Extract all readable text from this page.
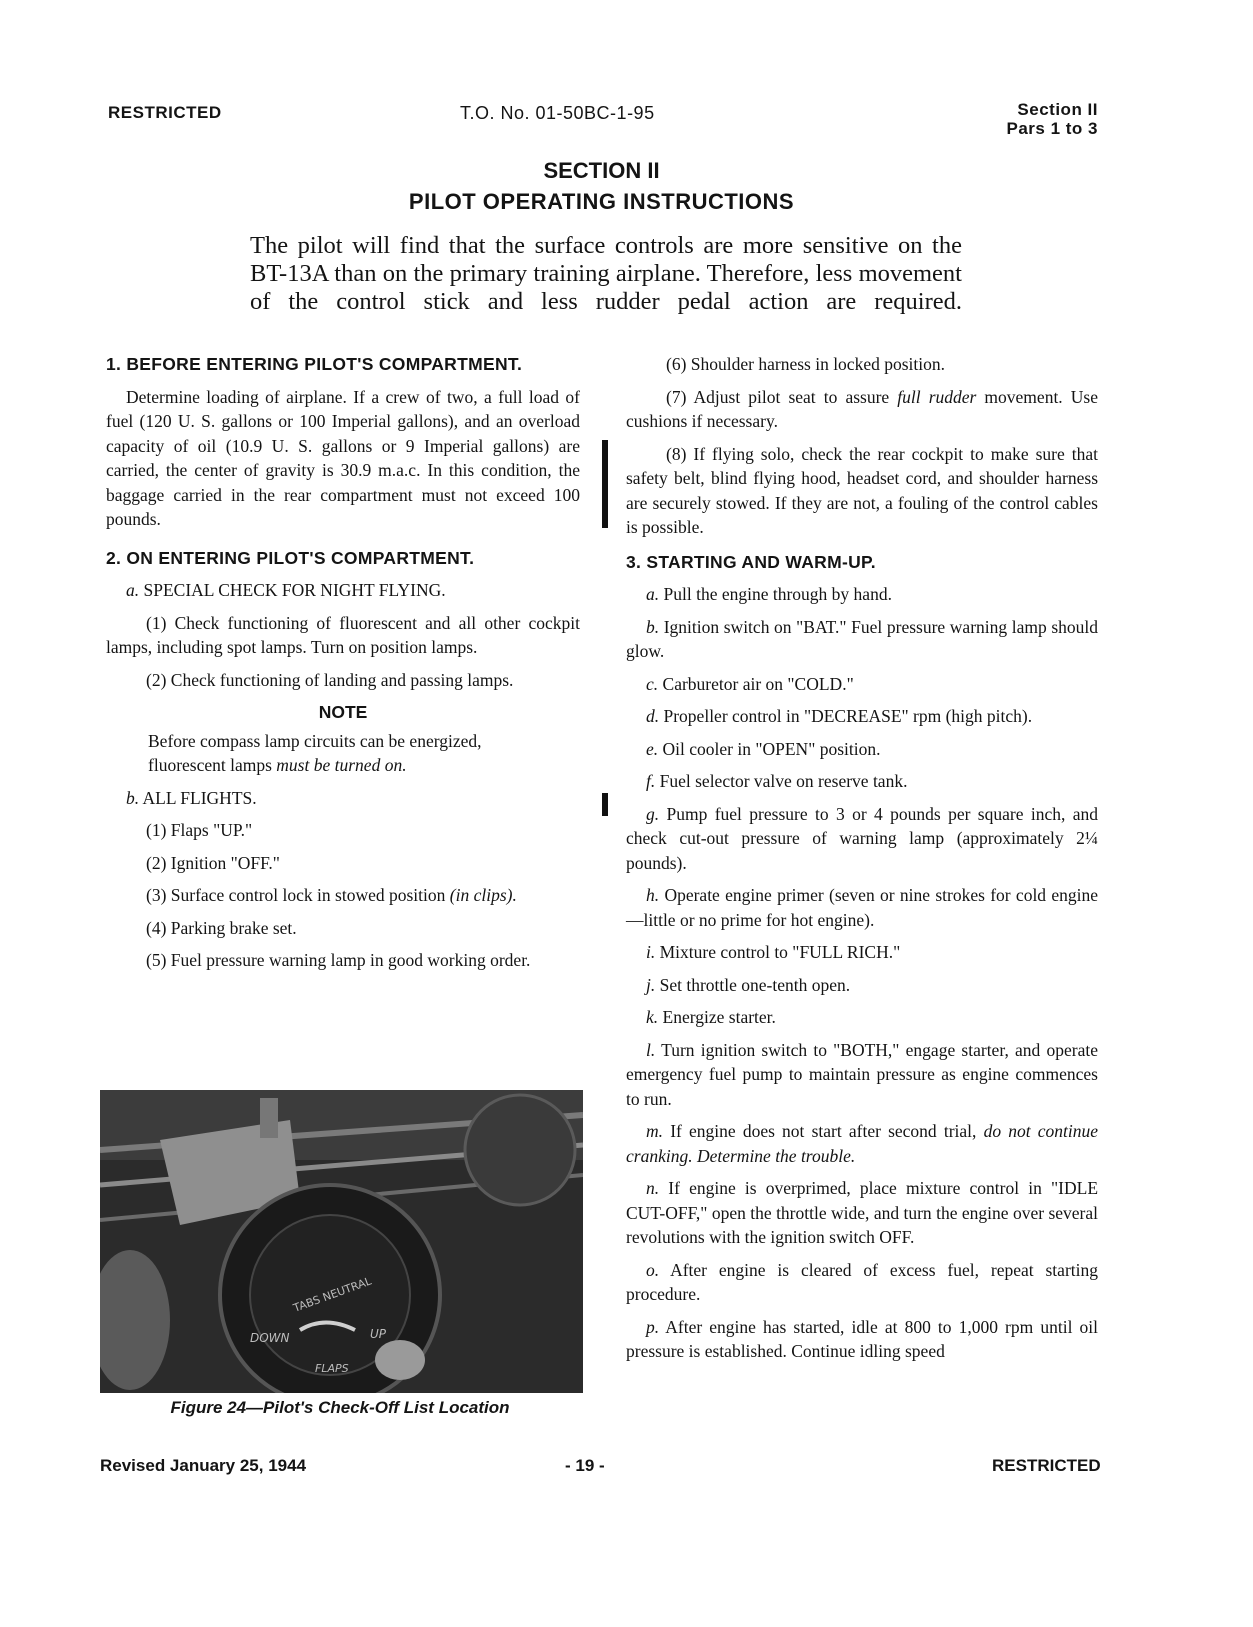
RESTRICTED	T.O. No. 01-50BC-1-95	Section II
Pars 1 to 3
SECTION II
PILOT OPERATING INSTRUCTIONS
The pilot will find that the surface controls are more sensitive on the BT-13A than on the primary training airplane. Therefore, less movement of the control stick and less rudder pedal action are required.
1. BEFORE ENTERING PILOT'S COMPARTMENT.

Determine loading of airplane. If a crew of two, a full load of fuel (120 U. S. gallons or 100 Imperial gallons), and an overload capacity of oil (10.9 U. S. gallons or 9 Imperial gallons) are carried, the center of gravity is 30.9 m.a.c. In this condition, the baggage carried in the rear compartment must not exceed 100 pounds.

2. ON ENTERING PILOT'S COMPARTMENT.

a. SPECIAL CHECK FOR NIGHT FLYING.

(1) Check functioning of fluorescent and all other cockpit lamps, including spot lamps. Turn on position lamps.

(2) Check functioning of landing and passing lamps.

NOTE

Before compass lamp circuits can be energized, fluorescent lamps must be turned on.

b. ALL FLIGHTS.

(1) Flaps "UP."

(2) Ignition "OFF."

(3) Surface control lock in stowed position (in clips).

(4) Parking brake set.

(5) Fuel pressure warning lamp in good working order.

TABS NEUTRAL
DOWN	UP
FLAPS
Figure 24—Pilot's Check-Off List Location

(6) Shoulder harness in locked position.

(7) Adjust pilot seat to assure full rudder movement. Use cushions if necessary.

(8) If flying solo, check the rear cockpit to make sure that safety belt, blind flying hood, headset cord, and shoulder harness are securely stowed. If they are not, a fouling of the control cables is possible.

3. STARTING AND WARM-UP.

a. Pull the engine through by hand.

b. Ignition switch on "BAT." Fuel pressure warning lamp should glow.

c. Carburetor air on "COLD."

d. Propeller control in "DECREASE" rpm (high pitch).

e. Oil cooler in "OPEN" position.

f. Fuel selector valve on reserve tank.

g. Pump fuel pressure to 3 or 4 pounds per square inch, and check cut-out pressure of warning lamp (approximately 2¼ pounds).

h. Operate engine primer (seven or nine strokes for cold engine—little or no prime for hot engine).

i. Mixture control to "FULL RICH."

j. Set throttle one-tenth open.

k. Energize starter.

l. Turn ignition switch to "BOTH," engage starter, and operate emergency fuel pump to maintain pressure as engine commences to run.

m. If engine does not start after second trial, do not continue cranking. Determine the trouble.

n. If engine is overprimed, place mixture control in "IDLE CUT-OFF," open the throttle wide, and turn the engine over several revolutions with the ignition switch OFF.

o. After engine is cleared of excess fuel, repeat starting procedure.

p. After engine has started, idle at 800 to 1,000 rpm until oil pressure is established. Continue idling speed

Revised January 25, 1944	- 19 -	RESTRICTED
